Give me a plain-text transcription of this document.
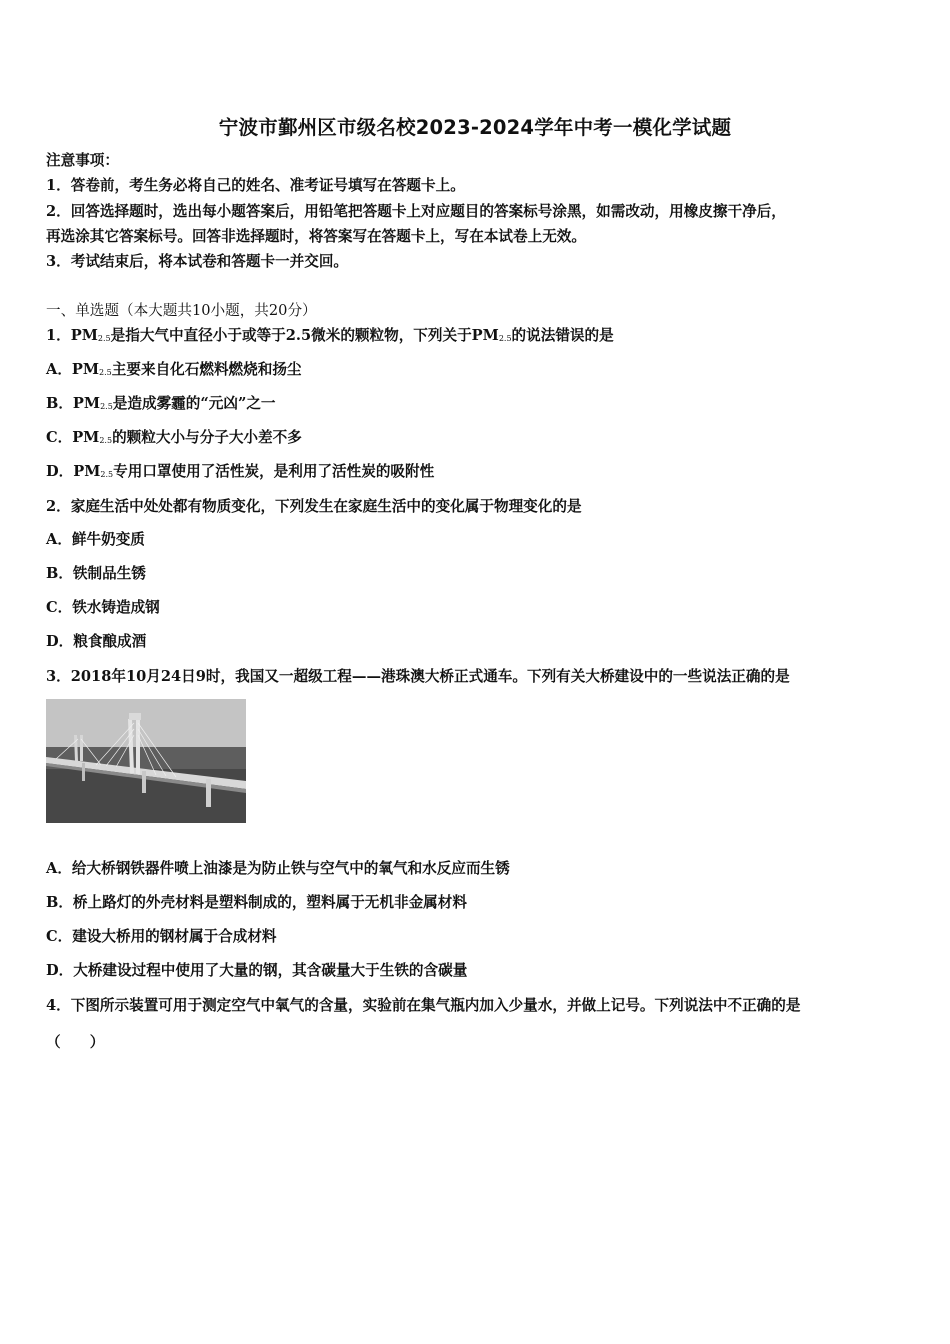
宁波市鄞州区市级名校2023-2024学年中考一模化学试题
注意事项：
1．答卷前，考生务必将自己的姓名、准考证号填写在答题卡上。
2．回答选择题时，选出每小题答案后，用铅笔把答题卡上对应题目的答案标号涂黑，如需改动，用橡皮擦干净后，
再选涂其它答案标号。回答非选择题时，将答案写在答题卡上，写在本试卷上无效。
3．考试结束后，将本试卷和答题卡一并交回。
一、单选题（本大题共10小题，共20分）
1．$PM_{2.5}$是指大气中直径小于或等于2.5微米的颗粒物，下列关于$PM_{2.5}$的说法错误的是
A．$PM_{2.5}$主要来自化石燃料燃烧和扬尘
B．$PM_{2.5}$是造成雾霾的“元凶”之一
C．$PM_{2.5}$的颗粒大小与分子大小差不多
D．$PM_{2.5}$专用口罩使用了活性炭，是利用了活性炭的吸附性
2．家庭生活中处处都有物质变化，下列发生在家庭生活中的变化属于物理变化的是
A．鲜牛奶变质
B．铁制品生锈
C．铁水铸造成钢
D．粮食酿成酒
3．2018年10月24日9时，我国又一超级工程——港珠澳大桥正式通车。下列有关大桥建设中的一些说法正确的是
A．给大桥钢铁器件喷上油漆是为防止铁与空气中的氧气和水反应而生锈
B．桥上路灯的外壳材料是塑料制成的，塑料属于无机非金属材料
C．建设大桥用的钢材属于合成材料
D．大桥建设过程中使用了大量的钢，其含碳量大于生铁的含碳量
4．下图所示装置可用于测定空气中氧气的含量，实验前在集气瓶内加入少量水，并做上记号。下列说法中不正确的是
（　　）
